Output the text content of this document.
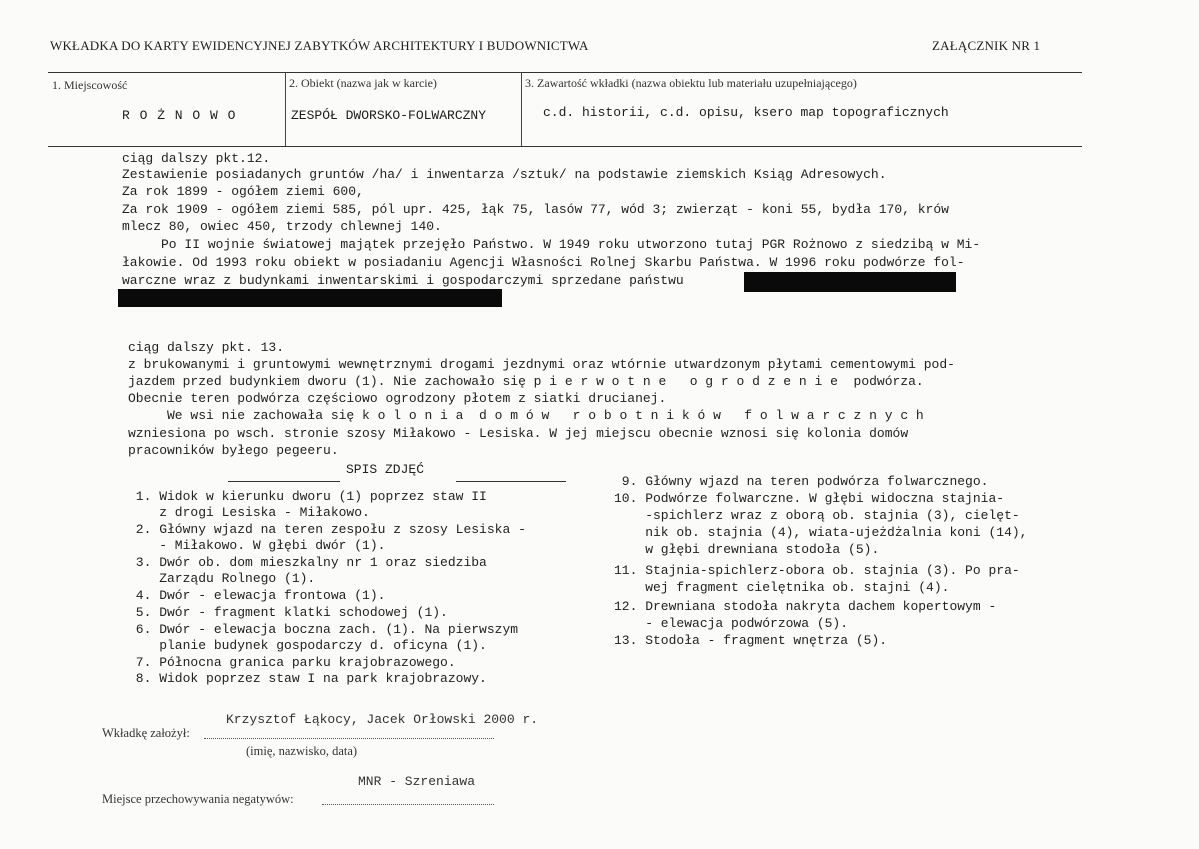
WKŁADKA DO KARTY EWIDENCYJNEJ ZABYTKÓW ARCHITEKTURY I BUDOWNICTWA	ZAŁĄCZNIK NR 1
1. Miejscowość	2. Obiekt (nazwa jak w karcie)	3. Zawartość wkładki (nazwa obiektu lub materiału uzupełniającego)
R O Ż N O W O	ZESPÓŁ DWORSKO-FOLWARCZNY	c.d. historii, c.d. opisu, ksero map topograficznych
ciąg dalszy pkt.12.
Zestawienie posiadanych gruntów /ha/ i inwentarza /sztuk/ na podstawie ziemskich Ksiąg Adresowych.
Za rok 1899 - ogółem ziemi 600,
Za rok 1909 - ogółem ziemi 585, pól upr. 425, łąk 75, lasów 77, wód 3; zwierząt - koni 55, bydła 170, krów
mlecz 80, owiec 450, trzody chlewnej 140.
Po II wojnie światowej majątek przejęło Państwo. W 1949 roku utworzono tutaj PGR Rożnowo z siedzibą w Mi-
łakowie. Od 1993 roku obiekt w posiadaniu Agencji Własności Rolnej Skarbu Państwa. W 1996 roku podwórze fol-
warczne wraz z budynkami inwentarskimi i gospodarczymi sprzedane państwu
ciąg dalszy pkt. 13.
z brukowanymi i gruntowymi wewnętrznymi drogami jezdnymi oraz wtórnie utwardzonym płytami cementowymi pod-
jazdem przed budynkiem dworu (1). Nie zachowało się p i e r w o t n e   o g r o d z e n i e  podwórza.
Obecnie teren podwórza częściowo ogrodzony płotem z siatki drucianej.
We wsi nie zachowała się k o l o n i a  d o m ó w   r o b o t n i k ó w   f o l w a r c z n y c h
wzniesiona po wsch. stronie szosy Miłakowo - Lesiska. W jej miejscu obecnie wznosi się kolonia domów
pracowników byłego pegeeru.
SPIS ZDJĘĆ
1. Widok w kierunku dworu (1) poprzez staw II
z drogi Lesiska - Miłakowo.
2. Główny wjazd na teren zespołu z szosy Lesiska -
- Miłakowo. W głębi dwór (1).
3. Dwór ob. dom mieszkalny nr 1 oraz siedziba
Zarządu Rolnego (1).
4. Dwór - elewacja frontowa (1).
5. Dwór - fragment klatki schodowej (1).
6. Dwór - elewacja boczna zach. (1). Na pierwszym
planie budynek gospodarczy d. oficyna (1).
7. Północna granica parku krajobrazowego.
8. Widok poprzez staw I na park krajobrazowy.
9. Główny wjazd na teren podwórza folwarcznego.
10. Podwórze folwarczne. W głębi widoczna stajnia-
-spichlerz wraz z oborą ob. stajnia (3), cielęt-
nik ob. stajnia (4), wiata-ujeżdżalnia koni (14),
w głębi drewniana stodoła (5).
11. Stajnia-spichlerz-obora ob. stajnia (3). Po pra-
wej fragment cielętnika ob. stajni (4).
12. Drewniana stodoła nakryta dachem kopertowym -
- elewacja podwórzowa (5).
13. Stodoła - fragment wnętrza (5).
Krzysztof Łąkocy, Jacek Orłowski 2000 r.
Wkładkę założył:
(imię, nazwisko, data)
MNR - Szreniawa
Miejsce przechowywania negatywów:
